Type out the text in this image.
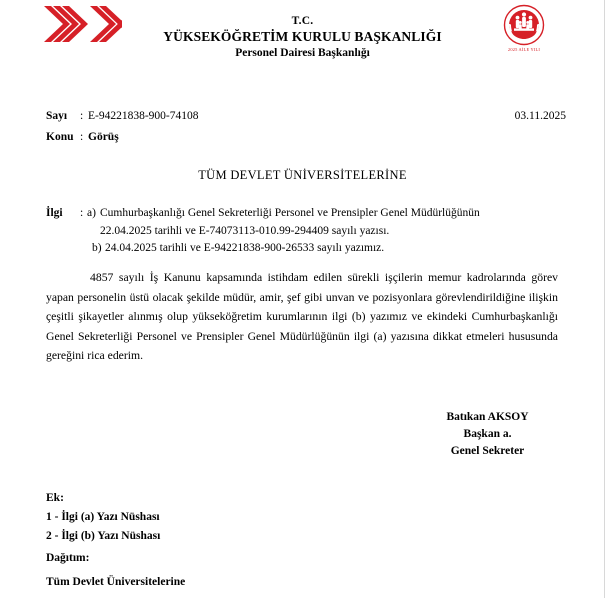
2025 AİLE YILI
T.C.
YÜKSEKÖĞRETİM KURULU BAŞKANLIĞI
Personel Dairesi Başkanlığı
Sayı : E-94221838-900-74108	03.11.2025
Konu : Görüş
TÜM DEVLET ÜNİVERSİTELERİNE
İlgi : a) Cumhurbaşkanlığı Genel Sekreterliği Personel ve Prensipler Genel Müdürlüğünün
22.04.2025 tarihli ve E-74073113-010.99-294409 sayılı yazısı.
b) 24.04.2025 tarihli ve E-94221838-900-26533 sayılı yazımız.
4857 sayılı İş Kanunu kapsamında istihdam edilen sürekli işçilerin memur kadrolarında görev yapan personelin üstü olacak şekilde müdür, amir, şef gibi unvan ve pozisyonlara görevlendirildiğine ilişkin çeşitli şikayetler alınmış olup yükseköğretim kurumlarının ilgi (b) yazımız ve ekindeki Cumhurbaşkanlığı Genel Sekreterliği Personel ve Prensipler Genel Müdürlüğünün ilgi (a) yazısına dikkat etmeleri hususunda gereğini rica ederim.
Batıkan AKSOY
Başkan a.
Genel Sekreter
Ek:
1 - İlgi (a) Yazı Nüshası
2 - İlgi (b) Yazı Nüshası
Dağıtım:
Tüm Devlet Üniversitelerine
